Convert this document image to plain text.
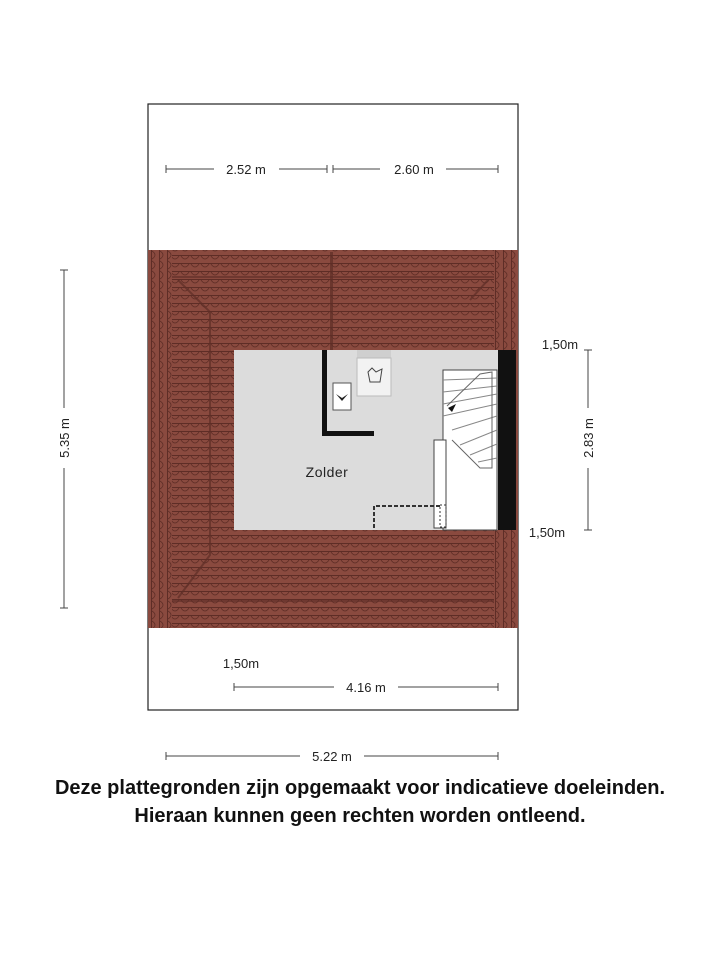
Zolder
2.52 m	2.60 m
5.35 m	2.83 m
1,50m
1,50m
1,50m
4.16 m
5.22 m
Deze plattegronden zijn opgemaakt voor indicatieve doeleinden.
Hieraan kunnen geen rechten worden ontleend.
